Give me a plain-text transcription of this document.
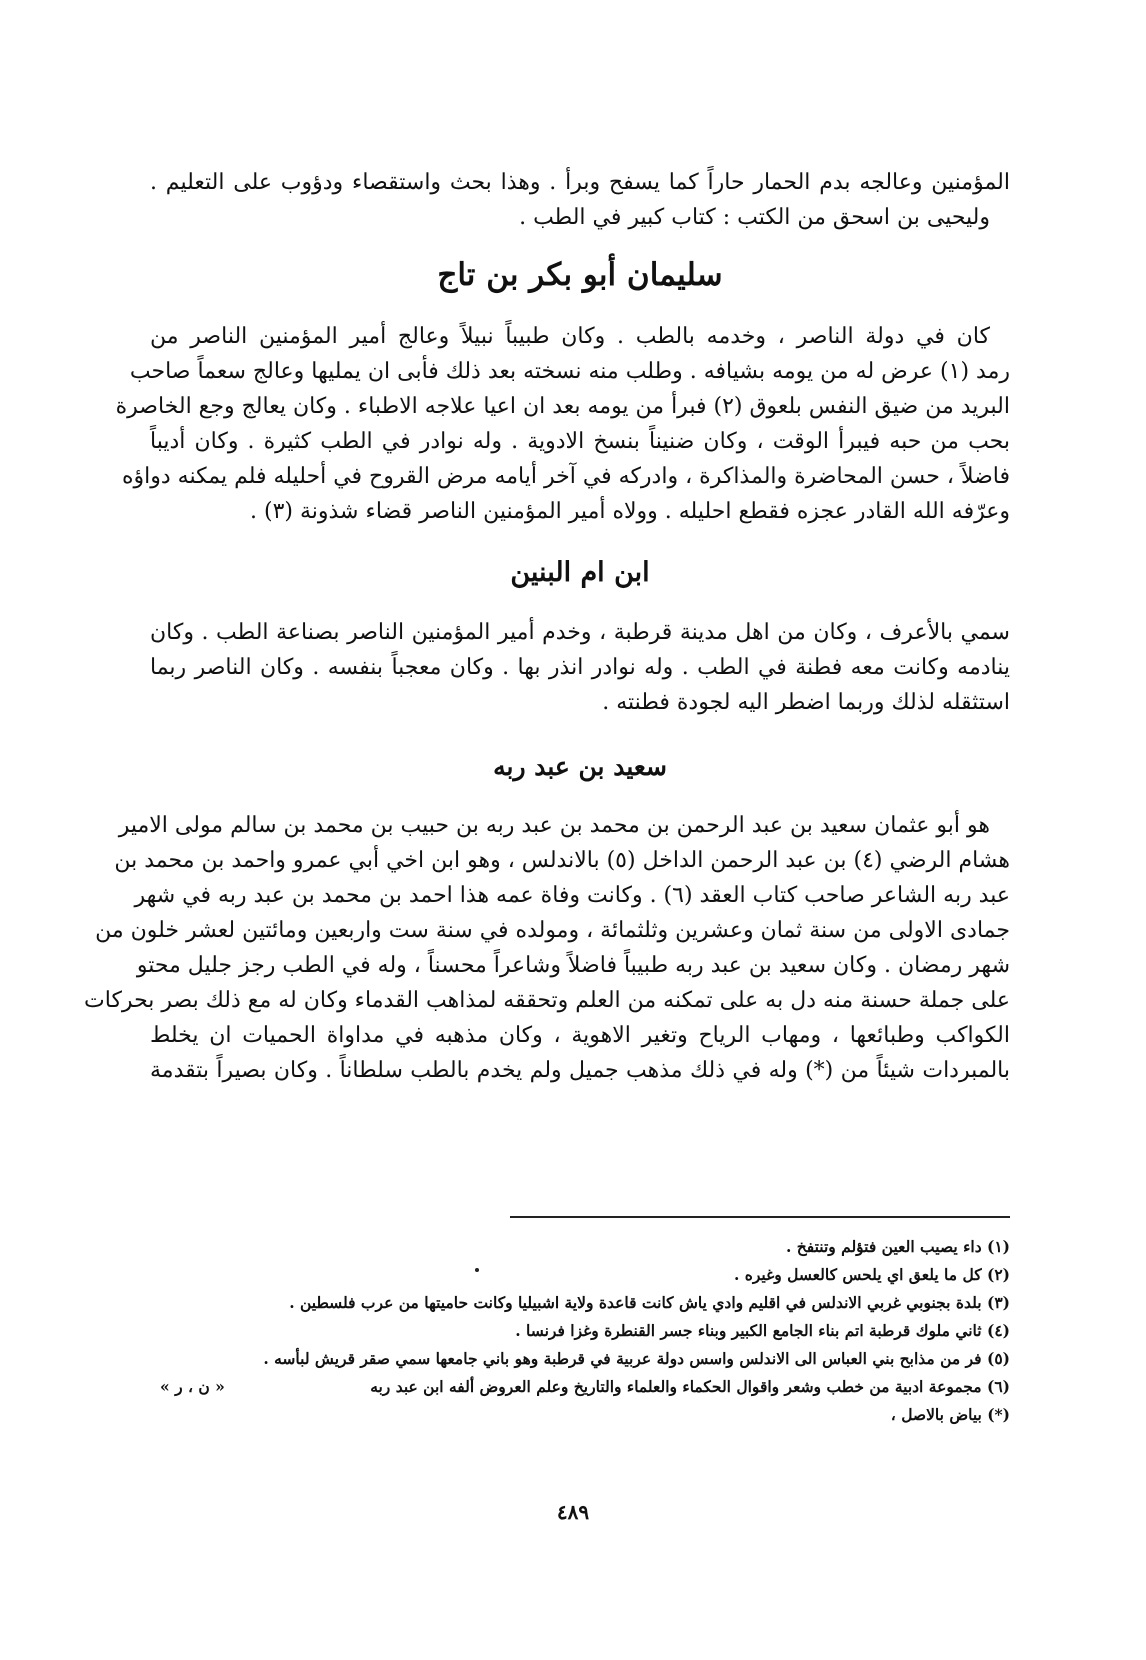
المؤمنين وعالجه بدم الحمار حاراً كما يسفح وبرأ . وهذا بحث واستقصاء ودؤوب على التعليم .
وليحيى بن اسحق من الكتب : كتاب كبير في الطب .
سليمان أبو بكر بن تاج
كان في دولة الناصر ، وخدمه بالطب . وكان طبيباً نبيلاً وعالج أمير المؤمنين الناصر من
رمد (١) عرض له من يومه بشيافه . وطلب منه نسخته بعد ذلك فأبى ان يمليها وعالج سعماً صاحب
البريد من ضيق النفس بلعوق (٢) فبرأ من يومه بعد ان اعيا علاجه الاطباء . وكان يعالج وجع الخاصرة
بحب من حبه فيبرأ الوقت ، وكان ضنيناً بنسخ الادوية . وله نوادر في الطب كثيرة . وكان أديباً
فاضلاً ، حسن المحاضرة والمذاكرة ، وادركه في آخر أيامه مرض القروح في أحليله فلم يمكنه دواؤه
وعرّفه الله القادر عجزه فقطع احليله . وولاه أمير المؤمنين الناصر قضاء شذونة (٣) .
ابن ام البنين
سمي بالأعرف ، وكان من اهل مدينة قرطبة ، وخدم أمير المؤمنين الناصر بصناعة الطب . وكان
ينادمه وكانت معه فطنة في الطب . وله نوادر انذر بها . وكان معجباً بنفسه . وكان الناصر ربما
استثقله لذلك وربما اضطر اليه لجودة فطنته .
سعيد بن عبد ربه
هو أبو عثمان سعيد بن عبد الرحمن بن محمد بن عبد ربه بن حبيب بن محمد بن سالم مولى الامير
هشام الرضي (٤) بن عبد الرحمن الداخل (٥) بالاندلس ، وهو ابن اخي أبي عمرو واحمد بن محمد بن
عبد ربه الشاعر صاحب كتاب العقد (٦) . وكانت وفاة عمه هذا احمد بن محمد بن عبد ربه في شهر
جمادى الاولى من سنة ثمان وعشرين وثلثمائة ، ومولده في سنة ست واربعين ومائتين لعشر خلون من
شهر رمضان . وكان سعيد بن عبد ربه طبيباً فاضلاً وشاعراً محسناً ، وله في الطب رجز جليل محتو
على جملة حسنة منه دل به على تمكنه من العلم وتحققه لمذاهب القدماء وكان له مع ذلك بصر بحركات
الكواكب وطبائعها ، ومهاب الرياح وتغير الاهوية ، وكان مذهبه في مداواة الحميات ان يخلط
بالمبردات شيئاً من (*) وله في ذلك مذهب جميل ولم يخدم بالطب سلطاناً . وكان بصيراً بتقدمة
(١) داء يصيب العين فتؤلم وتنتفخ .
(٢) كل ما يلعق اي يلحس كالعسل وغيره .
(٣) بلدة بجنوبي غربي الاندلس في اقليم وادي ياش كانت قاعدة ولاية اشبيليا وكانت حاميتها من عرب فلسطين .
(٤) ثاني ملوك قرطبة اتم بناء الجامع الكبير وبناء جسر القنطرة وغزا فرنسا .
(٥) فر من مذابح بني العباس الى الاندلس واسس دولة عربية في قرطبة وهو باني جامعها سمي صقر قريش لبأسه .
(٦) مجموعة ادبية من خطب وشعر واقوال الحكماء والعلماء والتاريخ وعلم العروض ألفه ابن عبد ربه
« ن ، ر »
(*) بياض بالاصل ،
٤٨٩
